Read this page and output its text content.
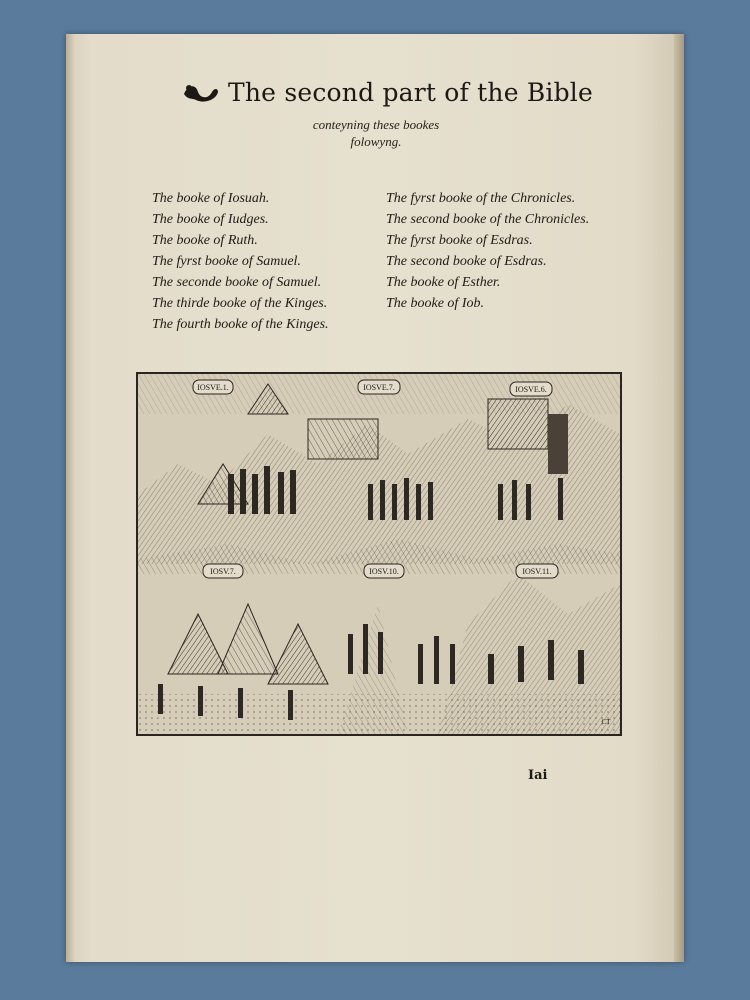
The second part of the Bible
conteyning these bookes
folowyng.
The booke of Iosuah.
The booke of Iudges.
The booke of Ruth.
The fyrst booke of Samuel.
The seconde booke of Samuel.
The thirde booke of the Kinges.
The fourth booke of the Kinges.
The fyrst booke of the Chronicles.
The second booke of the Chronicles.
The fyrst booke of Esdras.
The second booke of Esdras.
The booke of Esther.
The booke of Iob.
IOSVE.1.	IOSVE.7.	IOSVE.6.
IOSV.7.	IOSV.10.	IOSV.11.
CT
Iai
